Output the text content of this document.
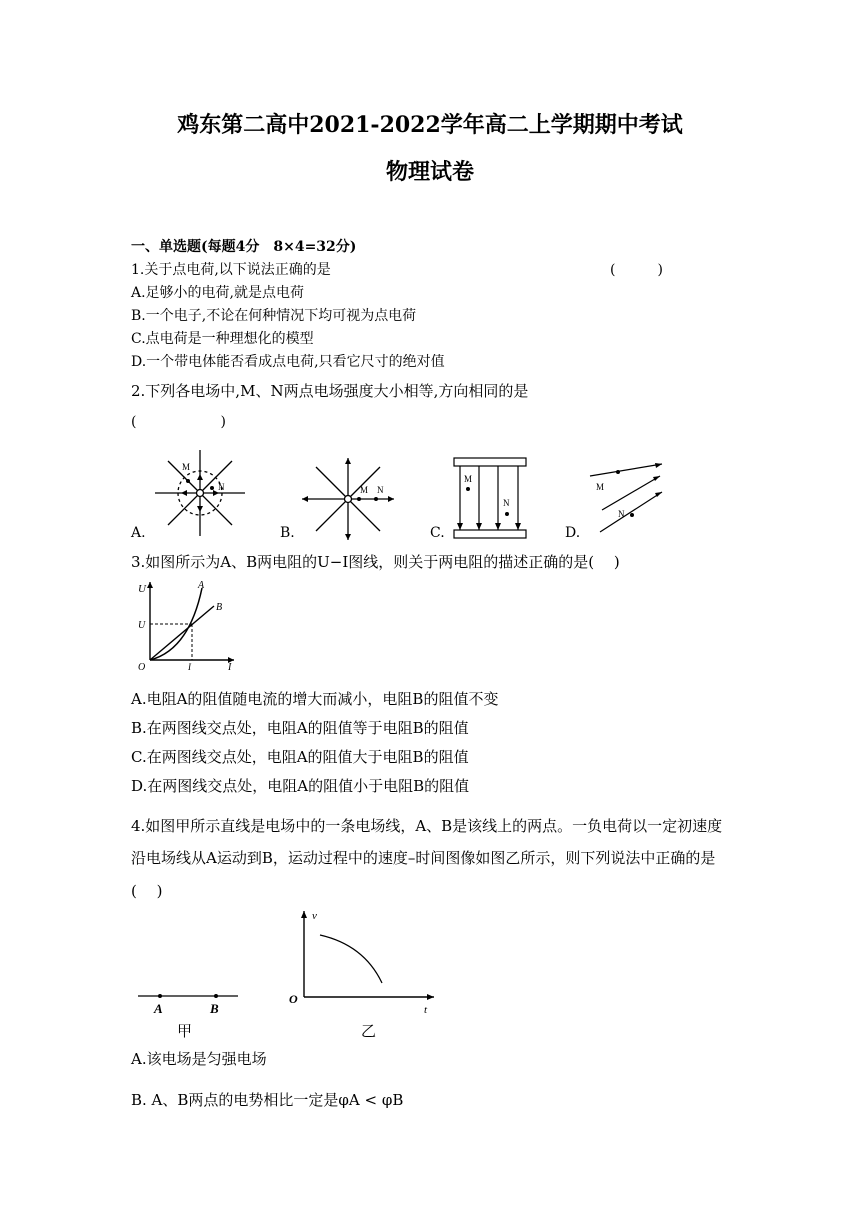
鸡东第二高中2021-2022学年高二上学期期中考试
物理试卷
一、单选题(每题4分　8×4=32分)
1.关于点电荷,以下说法正确的是	(　　　)
A.足够小的电荷,就是点电荷
B.一个电子,不论在何种情况下均可视为点电荷
C.点电荷是一种理想化的模型
D.一个带电体能否看成点电荷,只看它尺寸的绝对值
2.下列各电场中,M、N两点电场强度大小相等,方向相同的是
(　　　　　　)
M
N
A.
M N
B.
M
N
C.
M
N
D.
3.如图所示为A、B两电阻的U−I图线，则关于两电阻的描述正确的是(　 )
U
U
O	I	I
A
B
A.电阻A的阻值随电流的增大而减小，电阻B的阻值不变
B.在两图线交点处，电阻A的阻值等于电阻B的阻值
C.在两图线交点处，电阻A的阻值大于电阻B的阻值
D.在两图线交点处，电阻A的阻值小于电阻B的阻值
4.如图甲所示直线是电场中的一条电场线，A、B是该线上的两点。一负电荷以一定初速度
沿电场线从A运动到B，运动过程中的速度–时间图像如图乙所示，则下列说法中正确的是
(　 )
A	B
甲
v
O
t
乙
A.该电场是匀强电场
B. A、B两点的电势相比一定是φA < φB
